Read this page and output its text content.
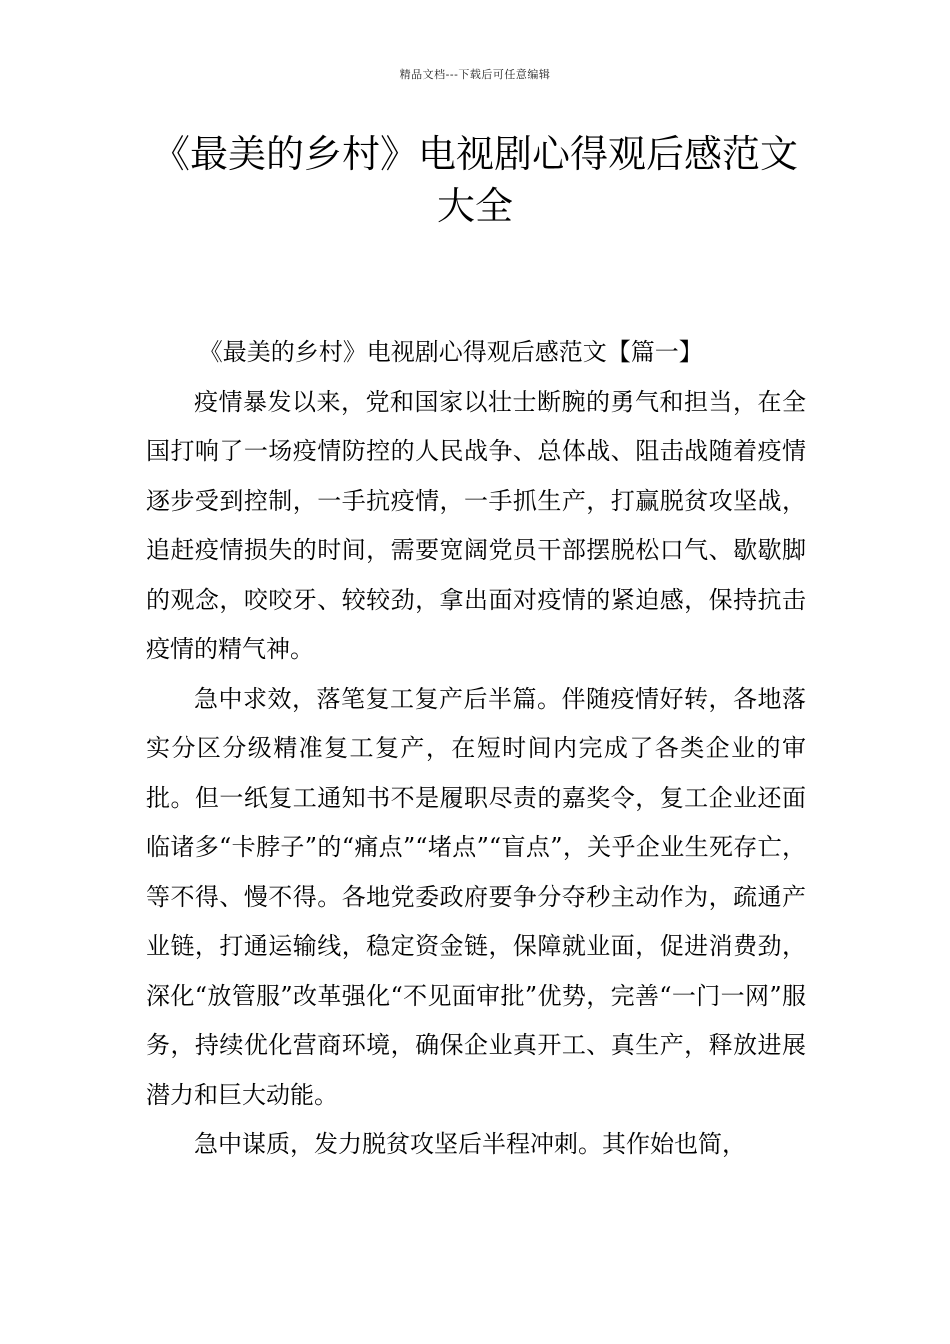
精品文档---下载后可任意编辑
《最美的乡村》电视剧心得观后感范文大全

《最美的乡村》电视剧心得观后感范文【篇一】

疫情暴发以来，党和国家以壮士断腕的勇气和担当，在全国打响了一场疫情防控的人民战争、总体战、阻击战随着疫情逐步受到控制，一手抗疫情，一手抓生产，打赢脱贫攻坚战，追赶疫情损失的时间，需要宽阔党员干部摆脱松口气、歇歇脚的观念，咬咬牙、较较劲，拿出面对疫情的紧迫感，保持抗击疫情的精气神。

急中求效，落笔复工复产后半篇。伴随疫情好转，各地落实分区分级精准复工复产，在短时间内完成了各类企业的审批。但一纸复工通知书不是履职尽责的嘉奖令，复工企业还面临诸多“卡脖子”的“痛点”“堵点”“盲点”，关乎企业生死存亡，等不得、慢不得。各地党委政府要争分夺秒主动作为，疏通产业链，打通运输线，稳定资金链，保障就业面，促进消费劲，深化“放管服”改革强化“不见面审批”优势，完善“一门一网”服务，持续优化营商环境，确保企业真开工、真生产，释放进展潜力和巨大动能。

急中谋质，发力脱贫攻坚后半程冲刺。其作始也简，
